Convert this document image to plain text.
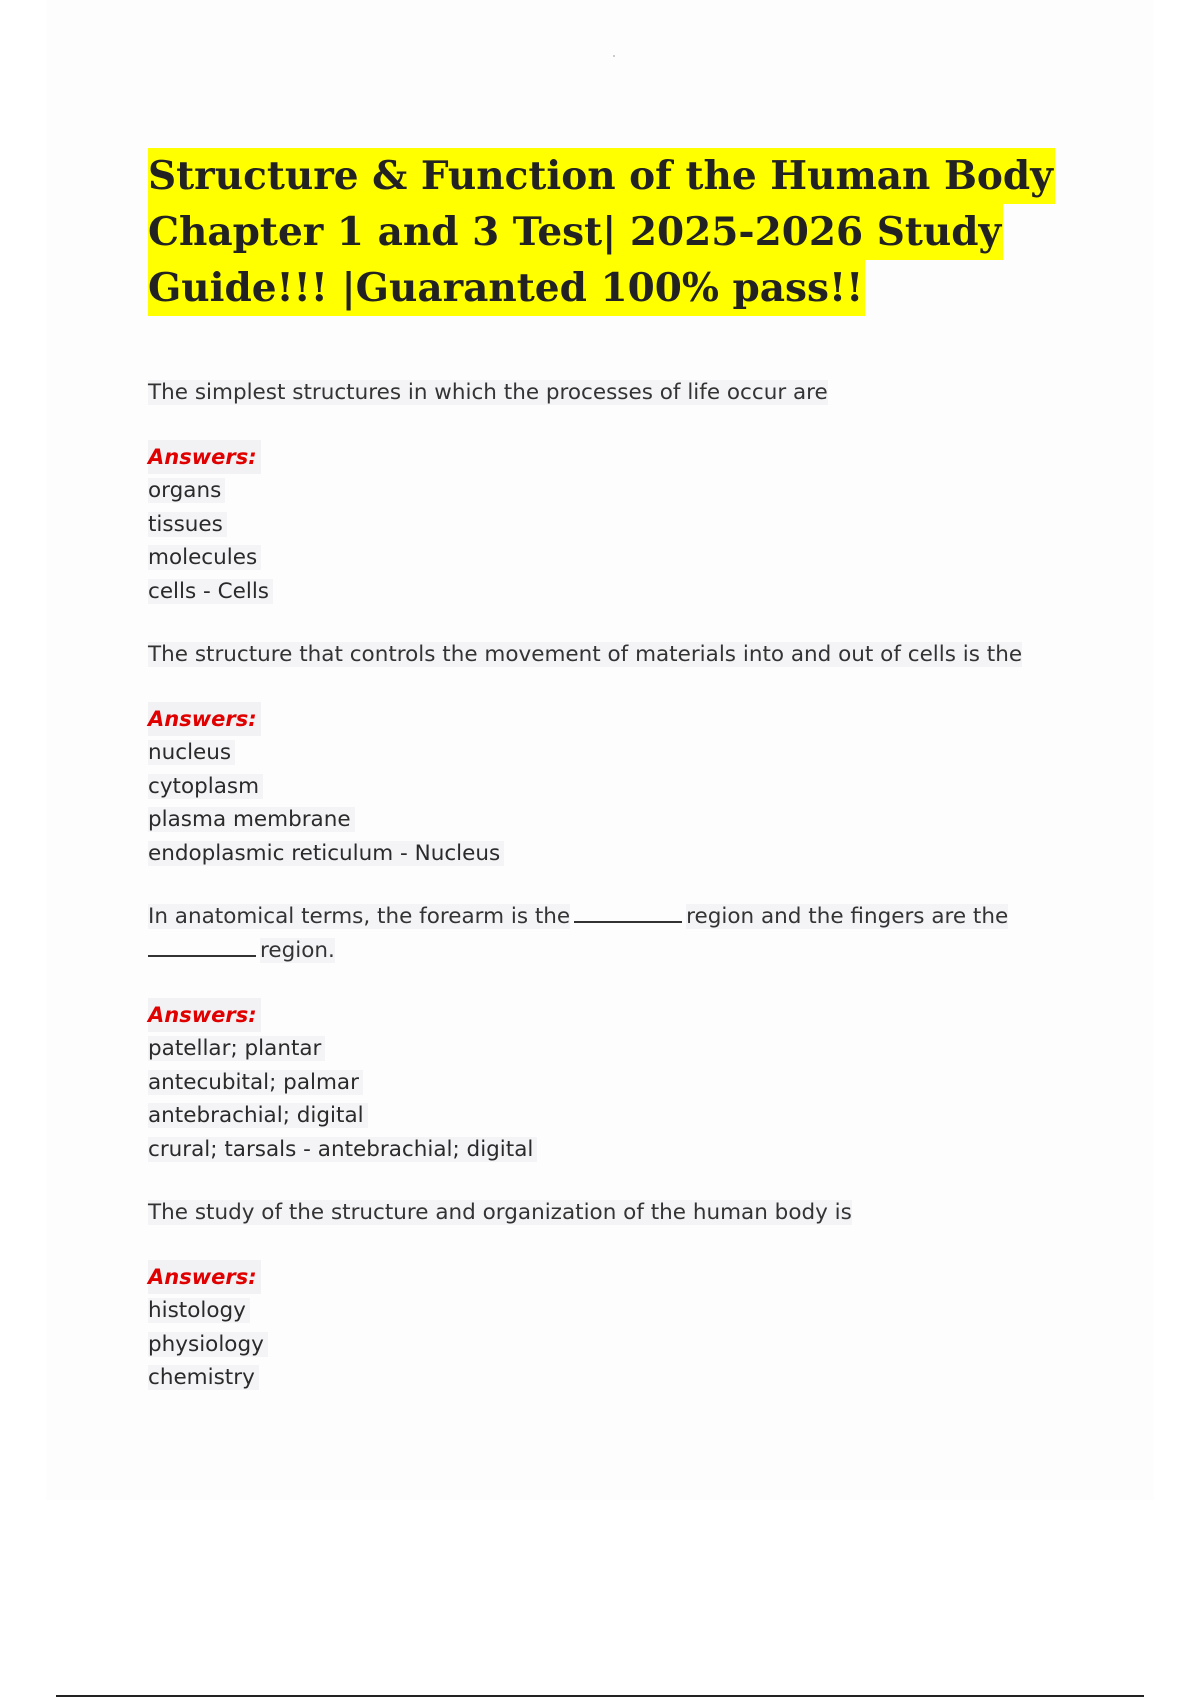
Structure & Function of the Human Body
Chapter 1 and 3 Test| 2025-2026 Study
Guide!!! |Guaranted 100% pass!!

The simplest structures in which the processes of life occur are

Answers:

organs

tissues

molecules

cells - Cells

The structure that controls the movement of materials into and out of cells is the

Answers:

nucleus

cytoplasm

plasma membrane

endoplasmic reticulum - Nucleus

In anatomical terms, the forearm is the	region and the fingers are the
region.

Answers:

patellar; plantar

antecubital; palmar

antebrachial; digital

crural; tarsals - antebrachial; digital

The study of the structure and organization of the human body is

Answers:

histology

physiology

chemistry
